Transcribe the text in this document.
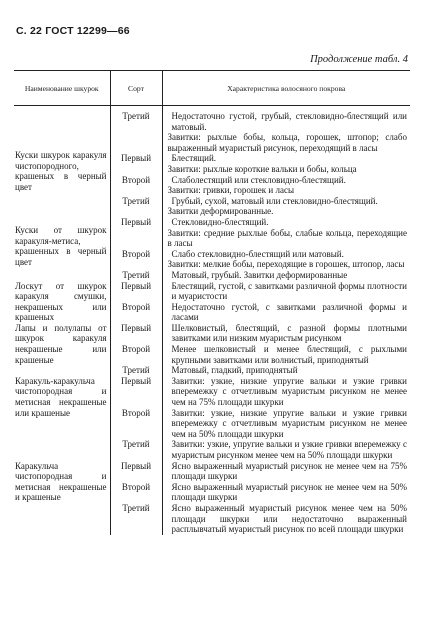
С. 22 ГОСТ 12299—66
Продолжение табл. 4
Наименование шкурок	Сорт	Характеристика волосяного покрова

Куски шкурок каракуля чистопородного, крашеных в черный цвет	Третий	Недостаточно густой, грубый, стекловидно-блестящий или матовый.
Завитки: рыхлые бобы, кольца, горошек, штопор; слабо выраженный муаристый рисунок, переходящий в ласы

	Первый	Блестящий.
Завитки: рыхлые короткие вальки и бобы, кольца

	Второй	Слаболестящий или стекловидно-блестящий.
Завитки: гривки, горошек и ласы

	Третий	Грубый, сухой, матовый или стекловидно-блестящий.
Завитки деформированные.

Куски от шкурок каракуля-метиса, крашенных в черный цвет	Первый	Стекловидно-блестящий.
Завитки: средние рыхлые бобы, слабые кольца, переходящие в ласы

	Второй	Слабо стекловидно-блестящий или матовый.
Завитки: мелкие бобы, переходящие в горошек, штопор, ласы

	Третий	Матовый, грубый. Завитки деформированные

Лоскут от шкурок каракуля смушки, некрашеных или крашеных	Первый	Блестящий, густой, с завитками различной формы плотности и муаристости

	Второй	Недостаточно густой, с завитками различной формы и ласами

Лапы и полулапы от шкурок каракуля некрашеные или крашеные	Первый	Шелковистый, блестящий, с разной формы плотными завитками или низким муаристым рисунком

	Второй	Менее шелковистый и менее блестящий, с рыхлыми крупными завитками или волнистый, приподнятый

	Третий	Матовый, гладкий, приподнятый

Каракуль-каракульча чистопородная и метисная некрашеные или крашеные	Первый	Завитки: узкие, низкие упругие вальки и узкие гривки вперемежку с отчетливым муаристым рисунком не менее чем на 75% площади шкурки

	Второй	Завитки: узкие, низкие упругие вальки и узкие гривки вперемежку с отчетливым муаристым рисунком не менее чем на 50% площади шкурки

	Третий	Завитки: узкие, упругие вальки и узкие гривки вперемежку с муаристым рисунком менее чем на 50% площади шкурки

Каракульча чистопородная и метисная некрашеные и крашеные	Первый	Ясно выраженный муаристый рисунок не менее чем на 75% площади шкурки

	Второй	Ясно выраженный муаристый рисунок не менее чем на 50% площади шкурки

	Третий	Ясно выраженный муаристый рисунок менее чем на 50% площади шкурки или недостаточно выраженный расплывчатый муаристый рисунок по всей площади шкурки
